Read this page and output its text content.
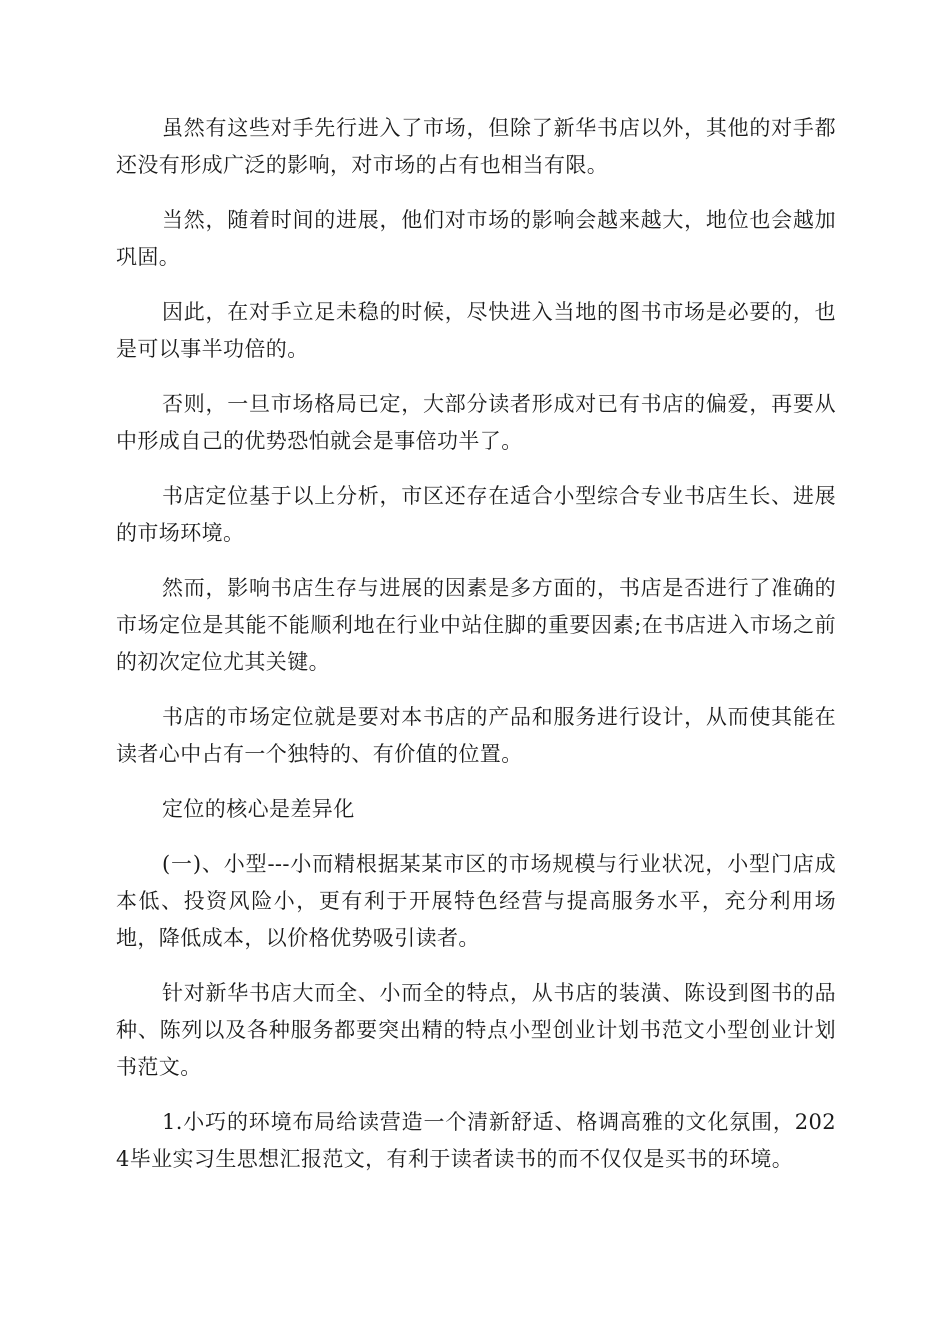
虽然有这些对手先行进入了市场，但除了新华书店以外，其他的对手都还没有形成广泛的影响，对市场的占有也相当有限。

当然，随着时间的进展，他们对市场的影响会越来越大，地位也会越加巩固。

因此，在对手立足未稳的时候，尽快进入当地的图书市场是必要的，也是可以事半功倍的。

否则，一旦市场格局已定，大部分读者形成对已有书店的偏爱，再要从中形成自己的优势恐怕就会是事倍功半了。

书店定位基于以上分析，市区还存在适合小型综合专业书店生长、进展的市场环境。

然而，影响书店生存与进展的因素是多方面的，书店是否进行了准确的市场定位是其能不能顺利地在行业中站住脚的重要因素;在书店进入市场之前的初次定位尤其关键。

书店的市场定位就是要对本书店的产品和服务进行设计，从而使其能在读者心中占有一个独特的、有价值的位置。

定位的核心是差异化

(一)、小型---小而精根据某某市区的市场规模与行业状况，小型门店成本低、投资风险小，更有利于开展特色经营与提高服务水平，充分利用场地，降低成本，以价格优势吸引读者。

针对新华书店大而全、小而全的特点，从书店的装潢、陈设到图书的品种、陈列以及各种服务都要突出精的特点小型创业计划书范文小型创业计划书范文。

1.小巧的环境布局给读营造一个清新舒适、格调高雅的文化氛围，2024毕业实习生思想汇报范文，有利于读者读书的而不仅仅是买书的环境。
